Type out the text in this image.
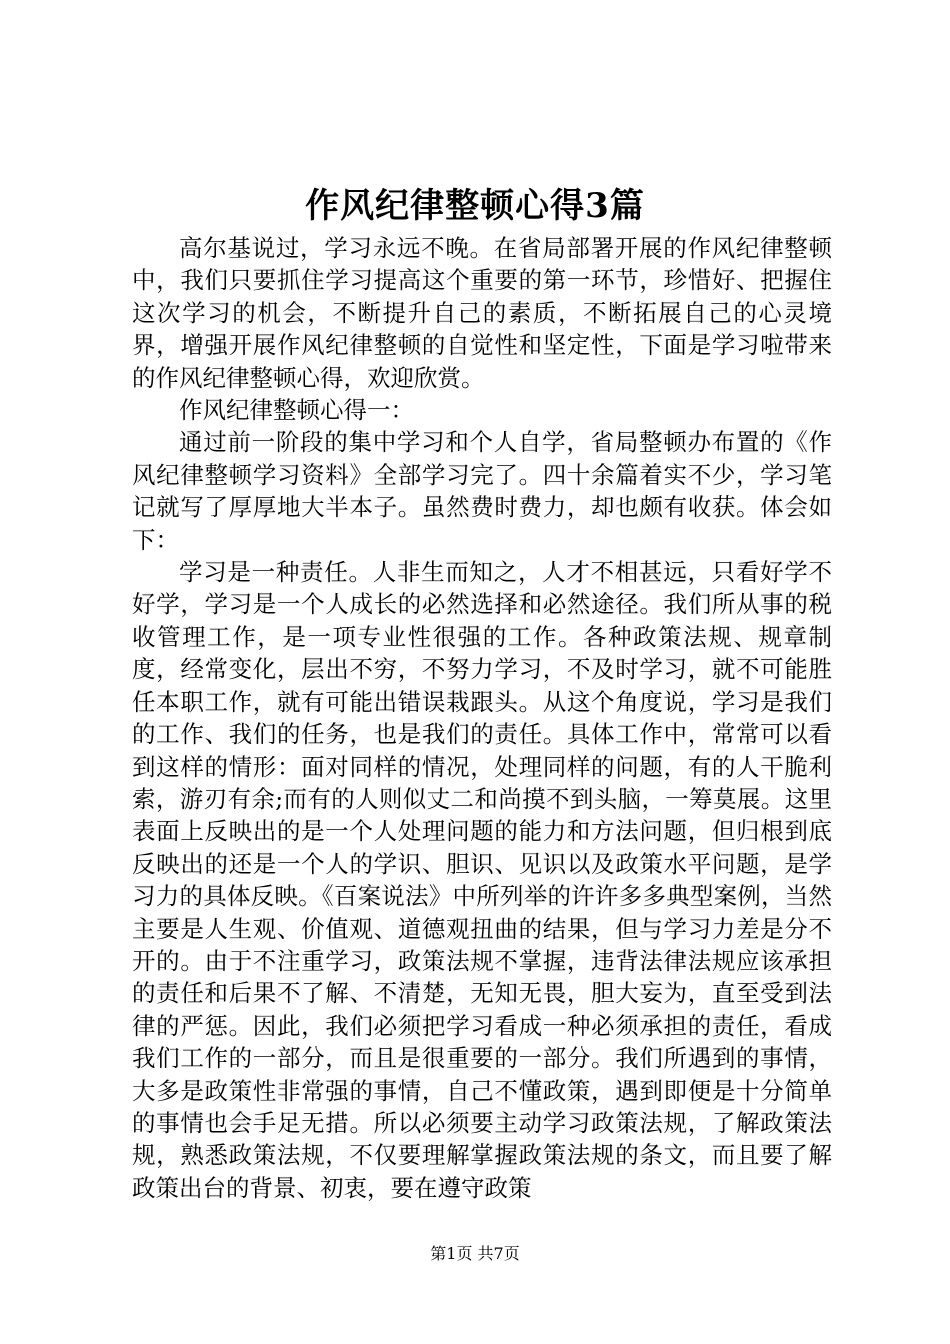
作风纪律整顿心得3篇

高尔基说过，学习永远不晚。在省局部署开展的作风纪律整顿中，我们只要抓住学习提高这个重要的第一环节，珍惜好、把握住这次学习的机会，不断提升自己的素质，不断拓展自己的心灵境界，增强开展作风纪律整顿的自觉性和坚定性，下面是学习啦带来的作风纪律整顿心得，欢迎欣赏。

作风纪律整顿心得一：

通过前一阶段的集中学习和个人自学，省局整顿办布置的《作风纪律整顿学习资料》全部学习完了。四十余篇着实不少，学习笔记就写了厚厚地大半本子。虽然费时费力，却也颇有收获。体会如下：

学习是一种责任。人非生而知之，人才不相甚远，只看好学不好学，学习是一个人成长的必然选择和必然途径。我们所从事的税收管理工作，是一项专业性很强的工作。各种政策法规、规章制度，经常变化，层出不穷，不努力学习，不及时学习，就不可能胜任本职工作，就有可能出错误栽跟头。从这个角度说，学习是我们的工作、我们的任务，也是我们的责任。具体工作中，常常可以看到这样的情形：面对同样的情况，处理同样的问题，有的人干脆利索，游刃有余;而有的人则似丈二和尚摸不到头脑，一筹莫展。这里表面上反映出的是一个人处理问题的能力和方法问题，但归根到底反映出的还是一个人的学识、胆识、见识以及政策水平问题，是学习力的具体反映。《百案说法》中所列举的许许多多典型案例，当然主要是人生观、价值观、道德观扭曲的结果，但与学习力差是分不开的。由于不注重学习，政策法规不掌握，违背法律法规应该承担的责任和后果不了解、不清楚，无知无畏，胆大妄为，直至受到法律的严惩。因此，我们必须把学习看成一种必须承担的责任，看成我们工作的一部分，而且是很重要的一部分。我们所遇到的事情，大多是政策性非常强的事情，自己不懂政策，遇到即便是十分简单的事情也会手足无措。所以必须要主动学习政策法规，了解政策法规，熟悉政策法规，不仅要理解掌握政策法规的条文，而且要了解政策出台的背景、初衷，要在遵守政策

第1页 共7页
